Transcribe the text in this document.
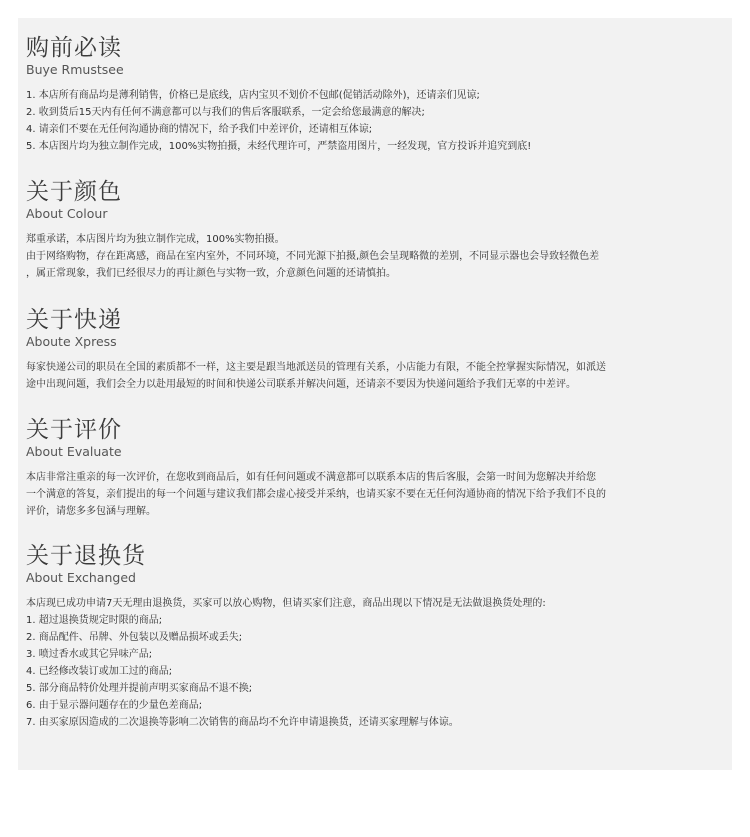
购前必读
Buye Rmustsee
1. 本店所有商品均是薄利销售，价格已是底线，店内宝贝不划价不包邮(促销活动除外)，还请亲们见谅;
2. 收到货后15天内有任何不满意都可以与我们的售后客服联系，一定会给您最满意的解决;
4. 请亲们不要在无任何沟通协商的情况下，给予我们中差评价，还请相互体谅;
5. 本店图片均为独立制作完成，100%实物拍摄，未经代理许可，严禁盗用图片，一经发现，官方投诉并追究到底!
关于颜色
About Colour
郑重承诺，本店图片均为独立制作完成，100%实物拍摄。
由于网络购物，存在距离感，商品在室内室外，不同环境，不同光源下拍摄,颜色会呈现略微的差别，不同显示器也会导致轻微色差
，属正常现象，我们已经很尽力的再让颜色与实物一致，介意颜色问题的还请慎拍。
关于快递
Aboute Xpress
每家快递公司的职员在全国的素质都不一样，这主要是跟当地派送员的管理有关系，小店能力有限，不能全控掌握实际情况，如派送
途中出现问题，我们会全力以赴用最短的时间和快递公司联系并解决问题，还请亲不要因为快递问题给予我们无辜的中差评。
关于评价
About Evaluate
本店非常注重亲的每一次评价，在您收到商品后，如有任何问题或不满意都可以联系本店的售后客服，会第一时间为您解决并给您
一个满意的答复，亲们提出的每一个问题与建议我们都会虚心接受并采纳，也请买家不要在无任何沟通协商的情况下给予我们不良的
评价，请您多多包涵与理解。
关于退换货
About Exchanged
本店现已成功申请7天无理由退换货，买家可以放心购物，但请买家们注意，商品出现以下情况是无法做退换货处理的:
1. 超过退换货规定时限的商品;
2. 商品配件、吊牌、外包装以及赠品损坏或丢失;
3. 喷过香水或其它异味产品;
4. 已经修改装订或加工过的商品;
5. 部分商品特价处理并提前声明买家商品不退不换;
6. 由于显示器问题存在的少量色差商品;
7. 由买家原因造成的二次退换等影响二次销售的商品均不允许申请退换货，还请买家理解与体谅。
